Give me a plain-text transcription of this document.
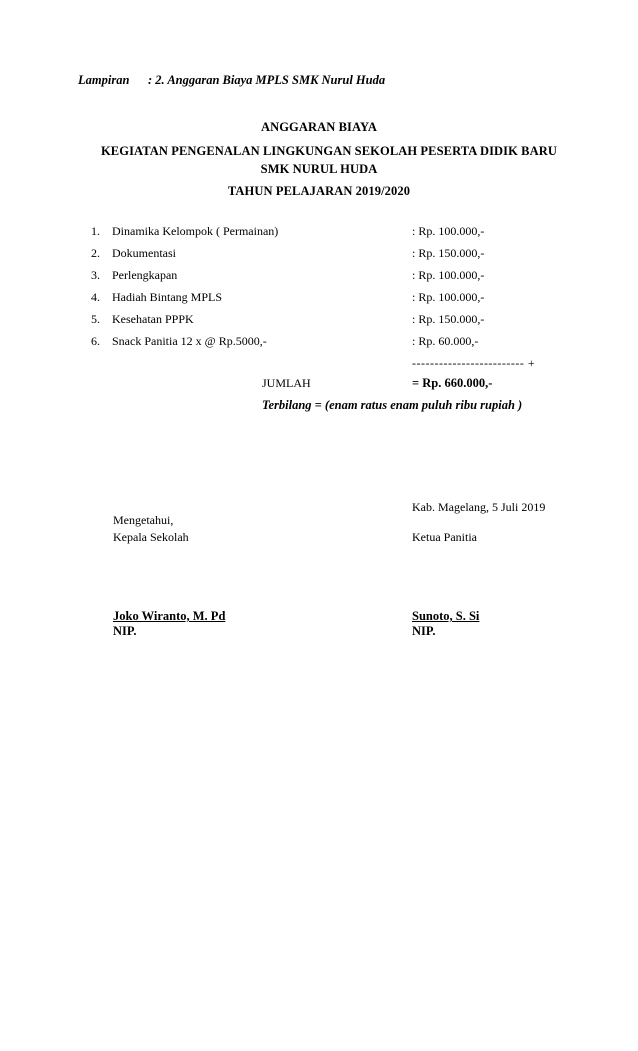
Lampiran : 2. Anggaran Biaya MPLS SMK Nurul Huda
ANGGARAN BIAYA
KEGIATAN PENGENALAN LINGKUNGAN SEKOLAH PESERTA DIDIK BARU
SMK NURUL HUDA
TAHUN PELAJARAN 2019/2020
1. Dinamika Kelompok ( Permainan)	: Rp. 100.000,-
2. Dokumentasi	: Rp. 150.000,-
3. Perlengkapan	: Rp. 100.000,-
4. Hadiah Bintang MPLS	: Rp. 100.000,-
5. Kesehatan PPPK	: Rp. 150.000,-
6. Snack Panitia 12 x @ Rp.5000,-	: Rp. 60.000,-
------------------------- +
JUMLAH	= Rp. 660.000,-
Terbilang = (enam ratus enam puluh ribu rupiah )
Kab. Magelang, 5 Juli 2019
Mengetahui,
Kepala Sekolah	Ketua Panitia
Joko Wiranto, M. Pd	Sunoto, S. Si
NIP.	NIP.
